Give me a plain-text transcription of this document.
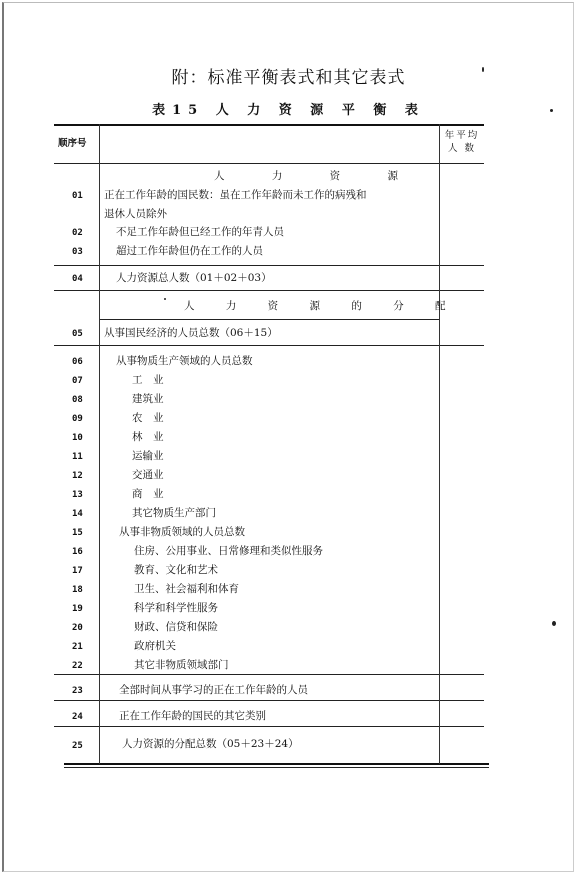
附：标准平衡表式和其它表式
表15 人 力 资 源 平 衡 表
顺序号
年平均
人 数
人 力 资 源
01 正在工作年龄的国民数：虽在工作年龄而未工作的病残和
退休人员除外
02	不足工作年龄但已经工作的年青人员
03	超过工作年龄但仍在工作的人员
04	人力资源总人数（01＋02＋03）
人 力 资 源 的 分 配
05 从事国民经济的人员总数（06＋15）
06	从事物质生产领域的人员总数
07	工　业
08	建筑业
09	农　业
10	林　业
11	运输业
12	交通业
13	商　业
14	其它物质生产部门
15	从事非物质领域的人员总数
16	住房、公用事业、日常修理和类似性服务
17	教育、文化和艺术
18	卫生、社会福利和体育
19	科学和科学性服务
20	财政、信贷和保险
21	政府机关
22	其它非物质领域部门
23	全部时间从事学习的正在工作年龄的人员
24	正在工作年龄的国民的其它类别
25	人力资源的分配总数（05＋23＋24）
